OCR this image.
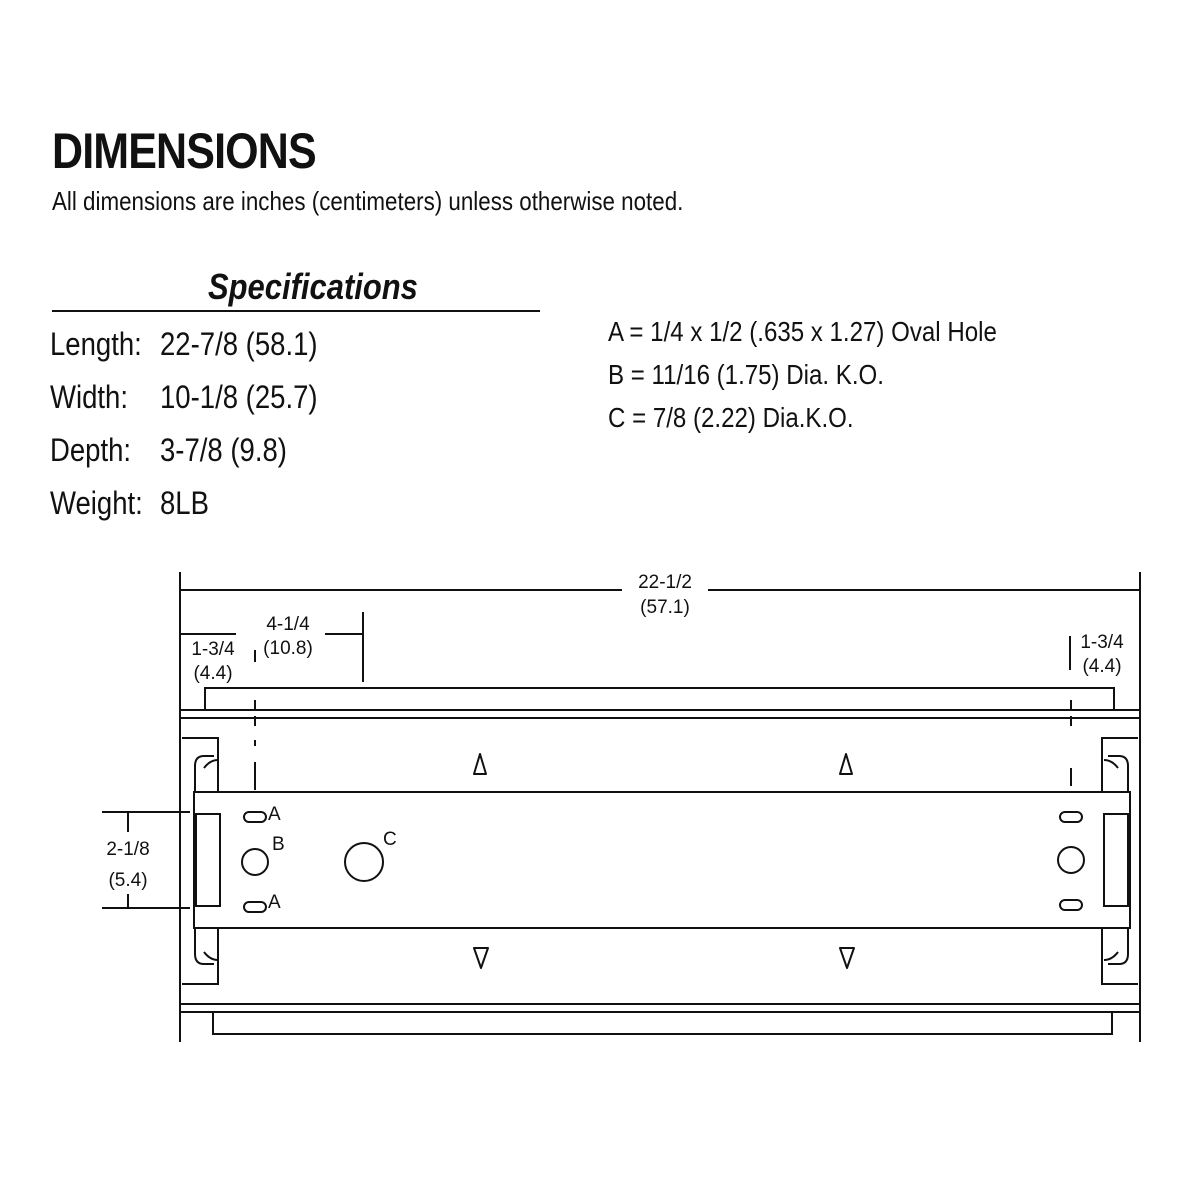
DIMENSIONS

All dimensions are inches (centimeters) unless otherwise noted.

Specifications
Length: 22-7/8 (58.1)
Width: 10-1/8 (25.7)
Depth: 3-7/8 (9.8)
Weight: 8LB
A = 1/4 x 1/2 (.635 x 1.27) Oval Hole
B = 11/16 (1.75) Dia. K.O.
C = 7/8 (2.22) Dia.K.O.
22-1/2
(57.1)
4-1/4
(10.8)
1-3/4
(4.4)
1-3/4
(4.4)
A
B
A
C
2-1/8
(5.4)
